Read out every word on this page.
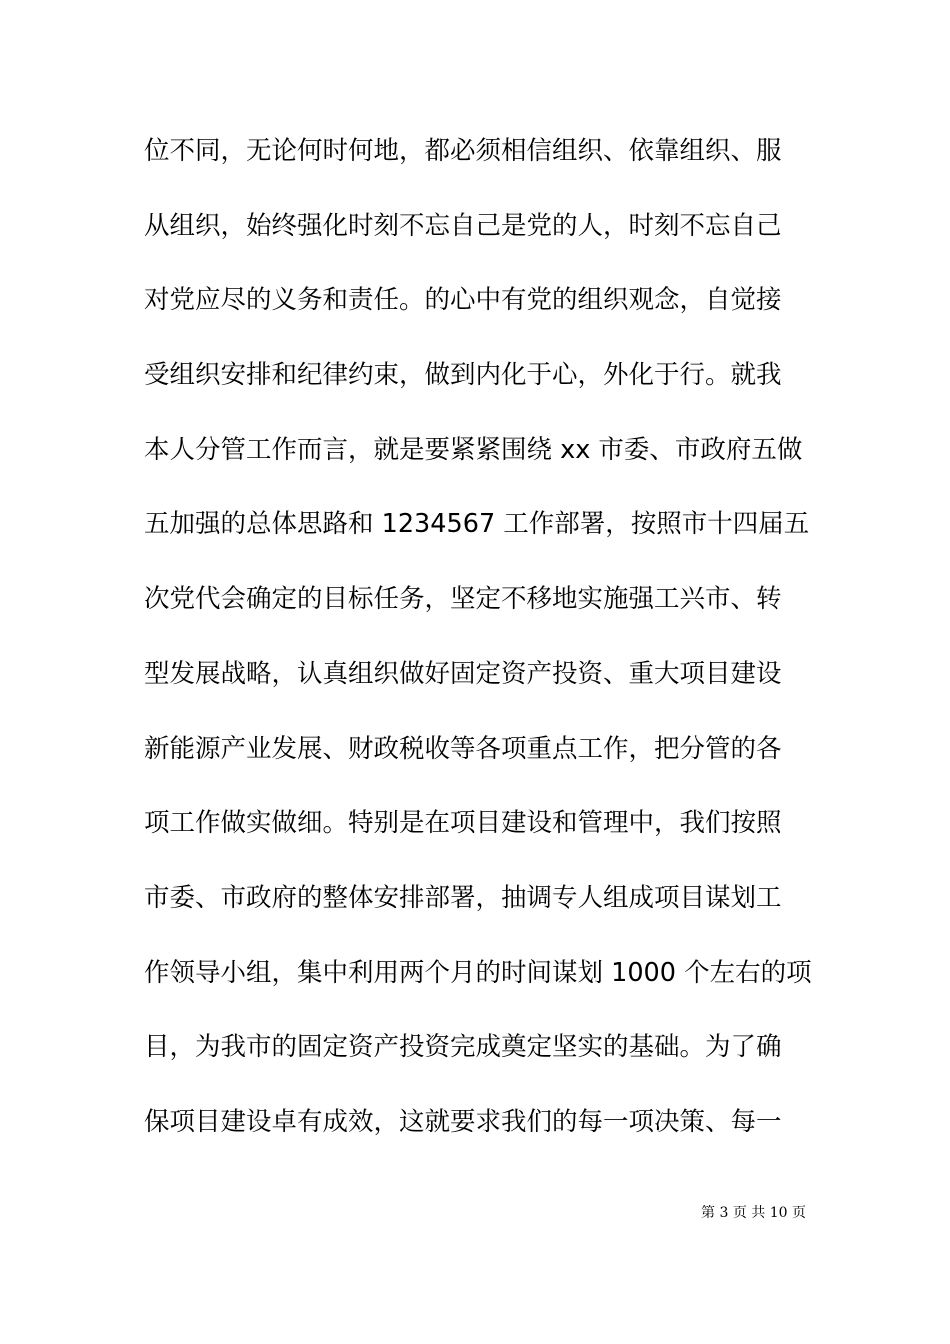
位不同，无论何时何地，都必须相信组织、依靠组织、服
从组织，始终强化时刻不忘自己是党的人，时刻不忘自己
对党应尽的义务和责任。的心中有党的组织观念，自觉接
受组织安排和纪律约束，做到内化于心，外化于行。就我
本人分管工作而言，就是要紧紧围绕 xx 市委、市政府五做
五加强的总体思路和 1234567 工作部署，按照市十四届五
次党代会确定的目标任务，坚定不移地实施强工兴市、转
型发展战略，认真组织做好固定资产投资、重大项目建设
新能源产业发展、财政税收等各项重点工作，把分管的各
项工作做实做细。特别是在项目建设和管理中，我们按照
市委、市政府的整体安排部署，抽调专人组成项目谋划工
作领导小组，集中利用两个月的时间谋划 1000 个左右的项
目，为我市的固定资产投资完成奠定坚实的基础。为了确
保项目建设卓有成效，这就要求我们的每一项决策、每一
第 3 页 共 10 页
